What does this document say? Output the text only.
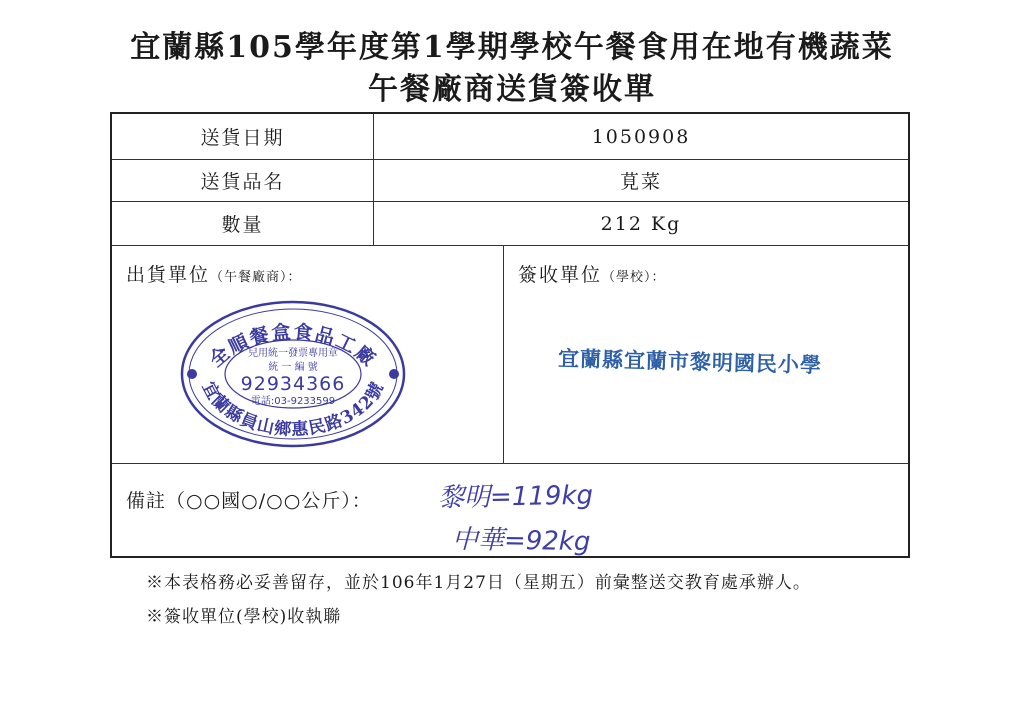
宜蘭縣105學年度第1學期學校午餐食用在地有機蔬菜
午餐廠商送貨簽收單
送貨日期	1050908
送貨品名	莧菜
數量	212 Kg
出貨單位（午餐廠商）：
全順餐盒食品工廠
宜蘭縣員山鄉惠民路342號
兒用統一發票專用章
統 一 編 號
92934366
電話:03-9233599
簽收單位（學校）：
宜蘭縣宜蘭市黎明國民小學
備註（○○國○/○○公斤）：	黎明=119kg
中華=92kg
※本表格務必妥善留存，並於106年1月27日（星期五）前彙整送交教育處承辦人。
※簽收單位(學校)收執聯
